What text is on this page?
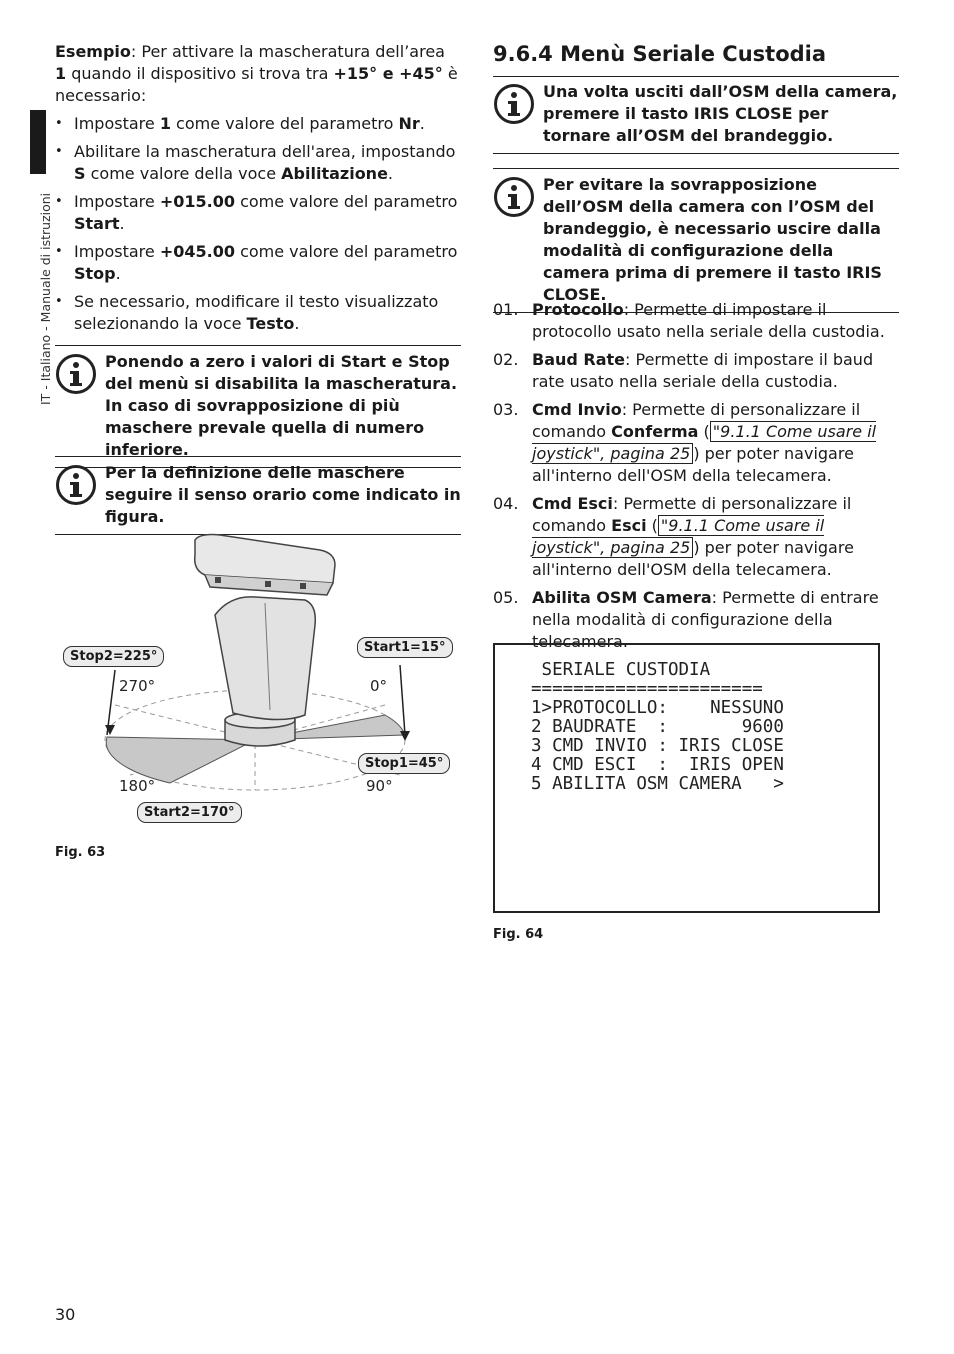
IT - Italiano - Manuale di istruzioni
Esempio: Per attivare la mascheratura dell’area
1 quando il dispositivo si trova tra +15° e +45° è necessario:
• Impostare 1 come valore del parametro Nr.
• Abilitare la mascheratura dell'area, impostando S come valore della voce Abilitazione.
• Impostare +015.00 come valore del parametro Start.
• Impostare +045.00 come valore del parametro Stop.
• Se necessario, modificare il testo visualizzato selezionando la voce Testo.
Ponendo a zero i valori di Start e Stop del menù si disabilita la mascheratura. In caso di sovrapposizione di più maschere prevale quella di numero inferiore.
Per la definizione delle maschere seguire il senso orario come indicato in figura.
Stop2=225°
Start1=15°
Stop1=45°
Start2=170°
270°	0°
180°	90°
Fig. 63
9.6.4 Menù Seriale Custodia
Una volta usciti dall’OSM della camera, premere il tasto IRIS CLOSE per tornare all’OSM del brandeggio.
Per evitare la sovrapposizione dell’OSM della camera con l’OSM del brandeggio, è necessario uscire dalla modalità di configurazione della camera prima di premere il tasto IRIS CLOSE.
01. Protocollo: Permette di impostare il protocollo usato nella seriale della custodia.
02. Baud Rate: Permette di impostare il baud rate usato nella seriale della custodia.
03. Cmd Invio: Permette di personalizzare il comando Conferma ( "9.1.1 Come usare il joystick", pagina 25 ) per poter navigare all'interno dell'OSM della telecamera.
04. Cmd Esci: Permette di personalizzare il comando Esci ( "9.1.1 Come usare il joystick", pagina 25 ) per poter navigare all'interno dell'OSM della telecamera.
05. Abilita OSM Camera: Permette di entrare nella modalità di configurazione della telecamera.
SERIALE CUSTODIA
======================
1>PROTOCOLLO:    NESSUNO
2 BAUDRATE  :       9600
3 CMD INVIO : IRIS CLOSE
4 CMD ESCI  :  IRIS OPEN
5 ABILITA OSM CAMERA   >
Fig. 64
30
